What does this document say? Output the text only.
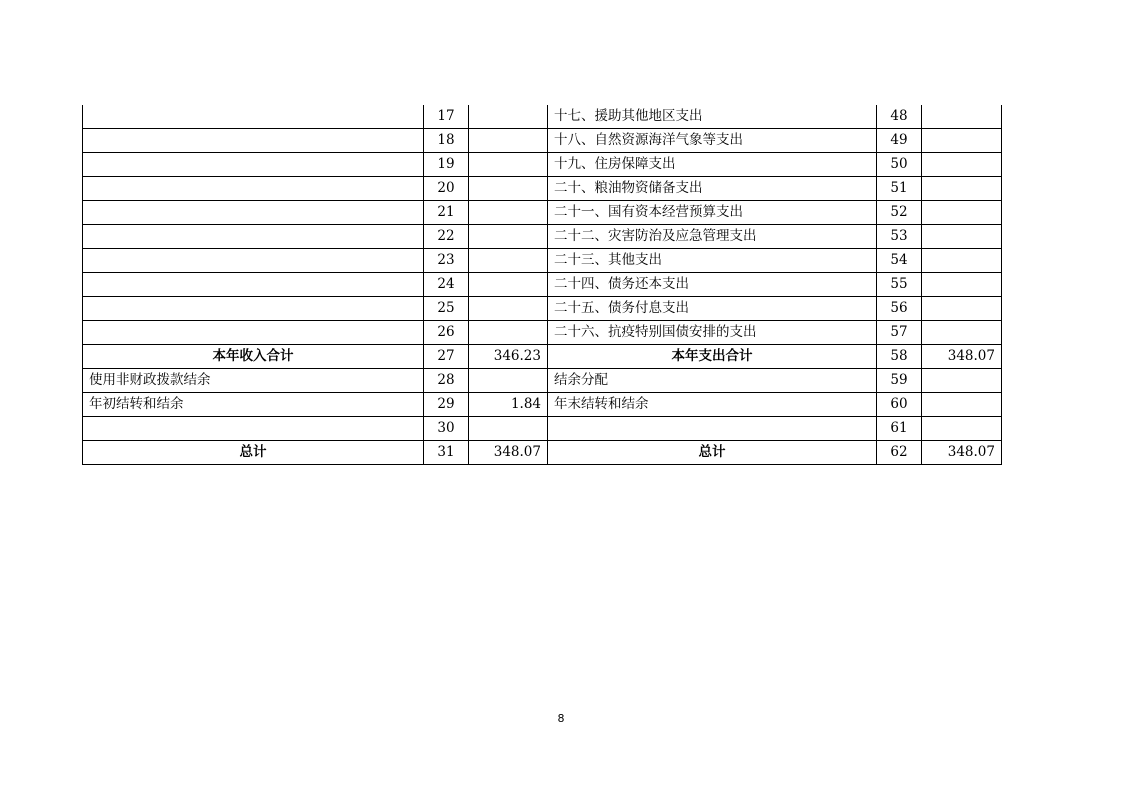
	17		十七、援助其他地区支出	48	
	18		十八、自然资源海洋气象等支出	49	
	19		十九、住房保障支出	50	
	20		二十、粮油物资储备支出	51	
	21		二十一、国有资本经营预算支出	52	
	22		二十二、灾害防治及应急管理支出	53	
	23		二十三、其他支出	54	
	24		二十四、债务还本支出	55	
	25		二十五、债务付息支出	56	
	26		二十六、抗疫特别国债安排的支出	57	
本年收入合计	27	346.23	本年支出合计	58	348.07
使用非财政拨款结余	28		结余分配	59	
年初结转和结余	29	1.84	年末结转和结余	60	
	30			61	
总计	31	348.07	总计	62	348.07
8
